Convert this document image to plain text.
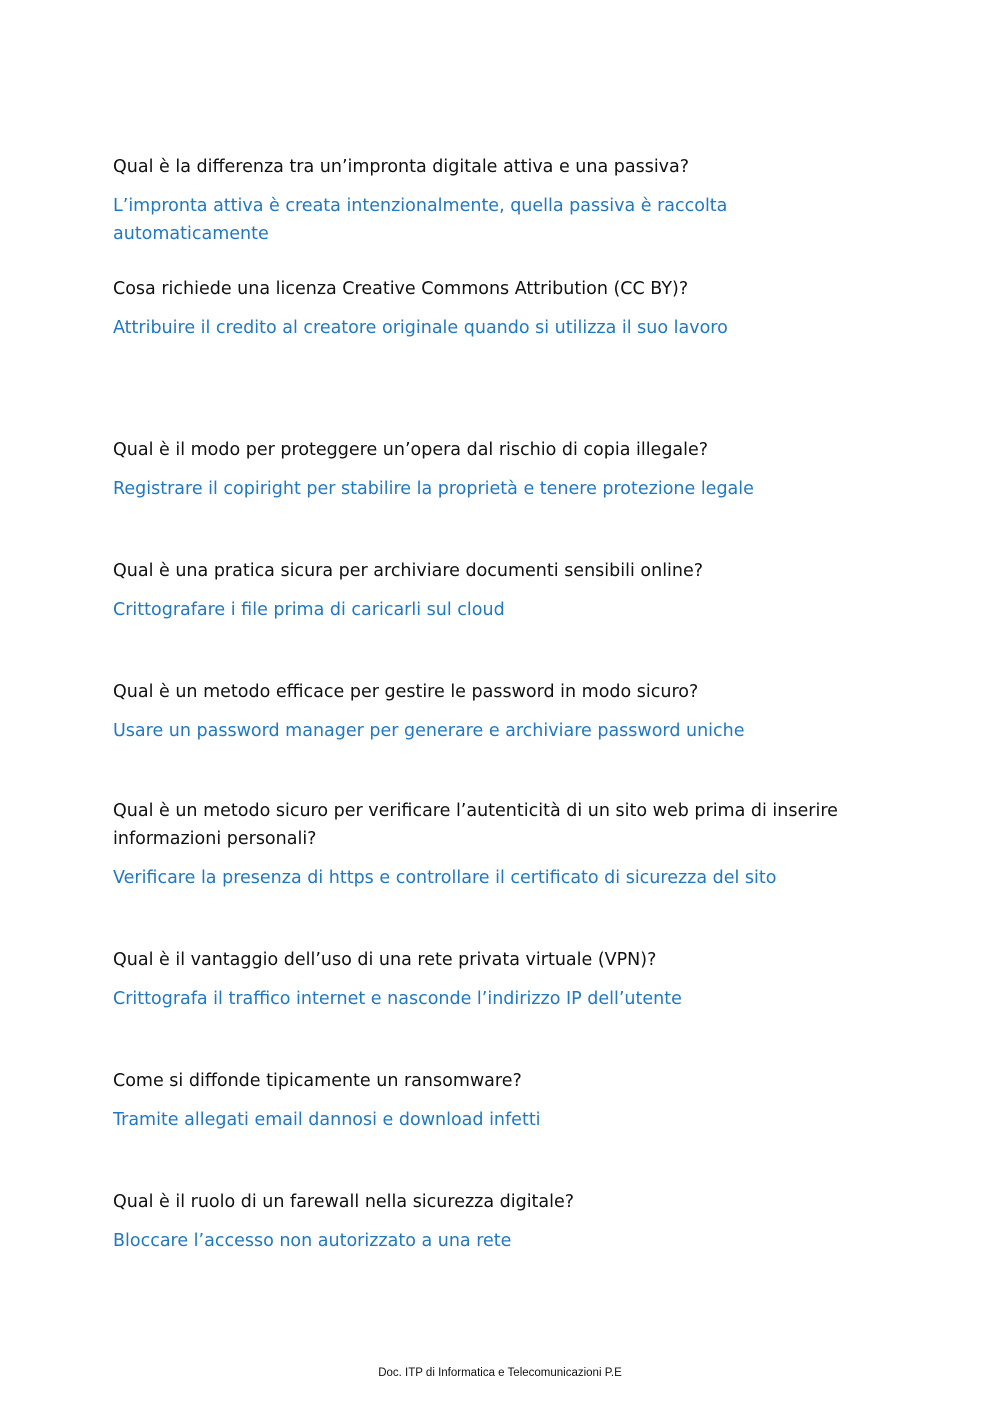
Qual è la differenza tra un’impronta digitale attiva e una passiva?

L’impronta attiva è creata intenzionalmente, quella passiva è raccolta automaticamente

Cosa richiede una licenza Creative Commons Attribution (CC BY)?

Attribuire il credito al creatore originale quando si utilizza il suo lavoro

Qual è il modo per proteggere un’opera dal rischio di copia illegale?

Registrare il copiright per stabilire la proprietà e tenere protezione legale

Qual è una pratica sicura per archiviare documenti sensibili online?

Crittografare i file prima di caricarli sul cloud

Qual è un metodo efficace per gestire le password in modo sicuro?

Usare un password manager per generare e archiviare password uniche

Qual è un metodo sicuro per verificare l’autenticità di un sito web prima di inserire informazioni personali?

Verificare la presenza di https e controllare il certificato di sicurezza del sito

Qual è il vantaggio dell’uso di una rete privata virtuale (VPN)?

Crittografa il traffico internet e nasconde l’indirizzo IP dell’utente

Come si diffonde tipicamente un ransomware?

Tramite allegati email dannosi e download infetti

Qual è il ruolo di un farewall nella sicurezza digitale?

Bloccare l’accesso non autorizzato a una rete

Doc. ITP di Informatica e Telecomunicazioni P.E
